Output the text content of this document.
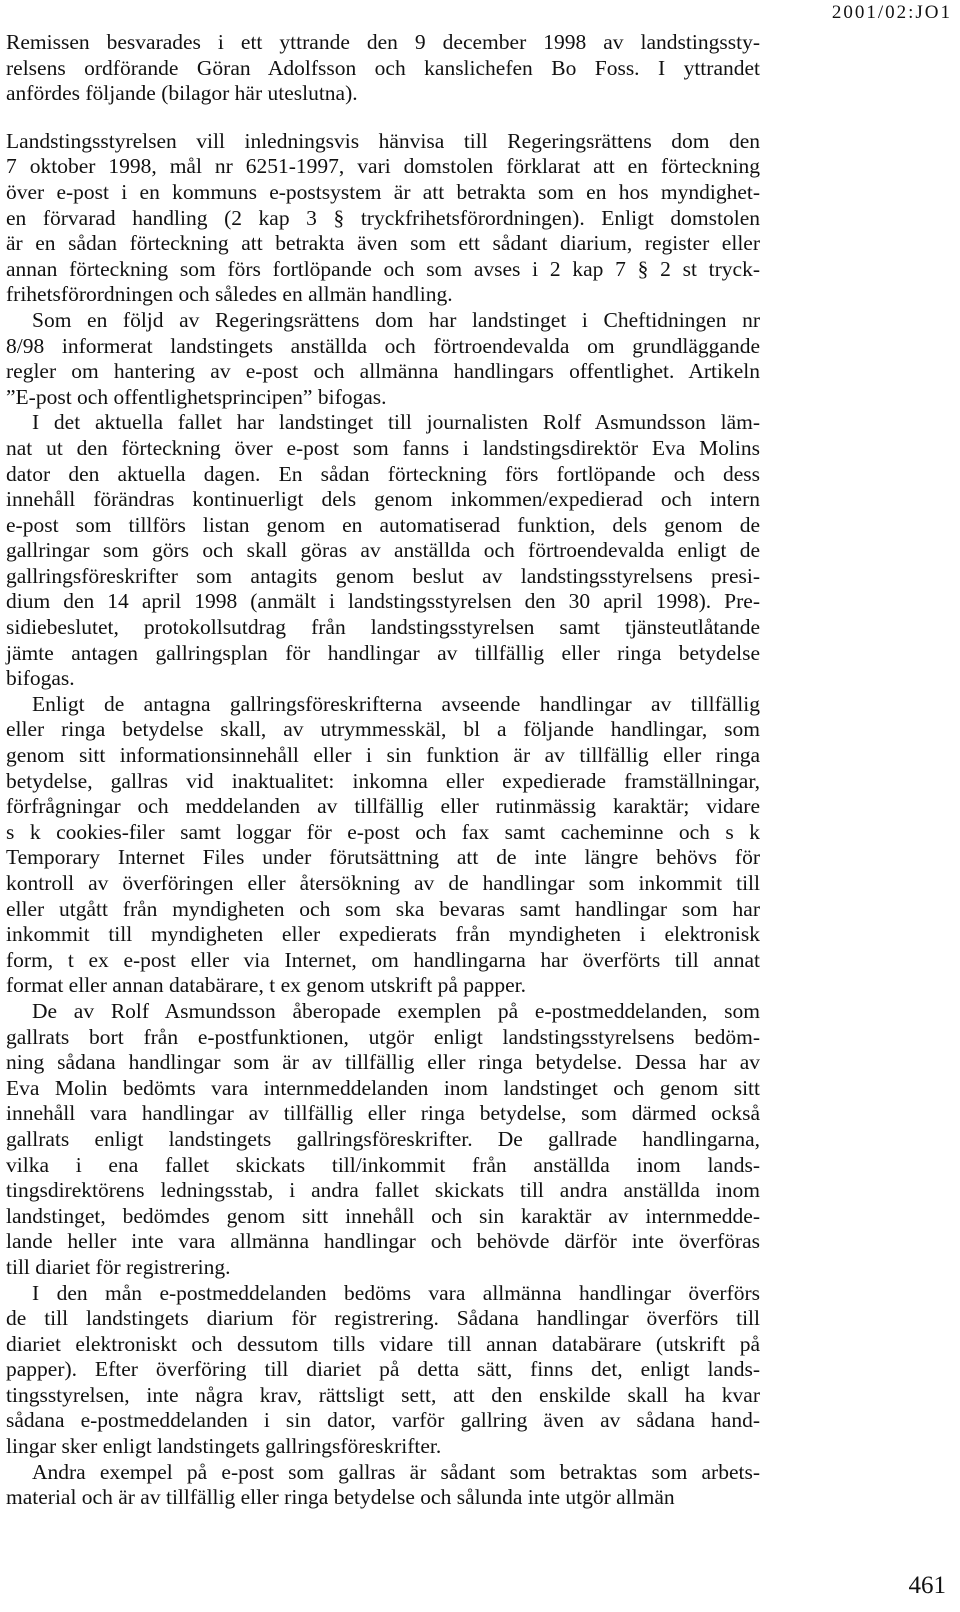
2001/02:JO1
Remissen besvarades i ett yttrande den 9 december 1998 av landstingssty-
relsens ordförande Göran Adolfsson och kanslichefen Bo Foss. I yttrandet
anfördes följande (bilagor här uteslutna).
Landstingsstyrelsen vill inledningsvis hänvisa till Regeringsrättens dom den
7 oktober 1998, mål nr 6251-1997, vari domstolen förklarat att en förteckning
över e-post i en kommuns e-postsystem är att betrakta som en hos myndighet-
en förvarad handling (2 kap 3 § tryckfrihetsförordningen). Enligt domstolen
är en sådan förteckning att betrakta även som ett sådant diarium, register eller
annan förteckning som förs fortlöpande och som avses i 2 kap 7 § 2 st tryck-
frihetsförordningen och således en allmän handling.
Som en följd av Regeringsrättens dom har landstinget i Cheftidningen nr
8/98 informerat landstingets anställda och förtroendevalda om grundläggande
regler om hantering av e-post och allmänna handlingars offentlighet. Artikeln
”E-post och offentlighetsprincipen” bifogas.
I det aktuella fallet har landstinget till journalisten Rolf Asmundsson läm-
nat ut den förteckning över e-post som fanns i landstingsdirektör Eva Molins
dator den aktuella dagen. En sådan förteckning förs fortlöpande och dess
innehåll förändras kontinuerligt dels genom inkommen/expedierad och intern
e-post som tillförs listan genom en automatiserad funktion, dels genom de
gallringar som görs och skall göras av anställda och förtroendevalda enligt de
gallringsföreskrifter som antagits genom beslut av landstingsstyrelsens presi-
dium den 14 april 1998 (anmält i landstingsstyrelsen den 30 april 1998). Pre-
sidiebeslutet, protokollsutdrag från landstingsstyrelsen samt tjänsteutlåtande
jämte antagen gallringsplan för handlingar av tillfällig eller ringa betydelse
bifogas.
Enligt de antagna gallringsföreskrifterna avseende handlingar av tillfällig
eller ringa betydelse skall, av utrymmesskäl, bl a följande handlingar, som
genom sitt informationsinnehåll eller i sin funktion är av tillfällig eller ringa
betydelse, gallras vid inaktualitet: inkomna eller expedierade framställningar,
förfrågningar och meddelanden av tillfällig eller rutinmässig karaktär; vidare
s k cookies-filer samt loggar för e-post och fax samt cacheminne och s k
Temporary Internet Files under förutsättning att de inte längre behövs för
kontroll av överföringen eller återsökning av de handlingar som inkommit till
eller utgått från myndigheten och som ska bevaras samt handlingar som har
inkommit till myndigheten eller expedierats från myndigheten i elektronisk
form, t ex e-post eller via Internet, om handlingarna har överförts till annat
format eller annan databärare, t ex genom utskrift på papper.
De av Rolf Asmundsson åberopade exemplen på e-postmeddelanden, som
gallrats bort från e-postfunktionen, utgör enligt landstingsstyrelsens bedöm-
ning sådana handlingar som är av tillfällig eller ringa betydelse. Dessa har av
Eva Molin bedömts vara internmeddelanden inom landstinget och genom sitt
innehåll vara handlingar av tillfällig eller ringa betydelse, som därmed också
gallrats enligt landstingets gallringsföreskrifter. De gallrade handlingarna,
vilka i ena fallet skickats till/inkommit från anställda inom lands-
tingsdirektörens ledningsstab, i andra fallet skickats till andra anställda inom
landstinget, bedömdes genom sitt innehåll och sin karaktär av internmedde-
lande heller inte vara allmänna handlingar och behövde därför inte överföras
till diariet för registrering.
I den mån e-postmeddelanden bedöms vara allmänna handlingar överförs
de till landstingets diarium för registrering. Sådana handlingar överförs till
diariet elektroniskt och dessutom tills vidare till annan databärare (utskrift på
papper). Efter överföring till diariet på detta sätt, finns det, enligt lands-
tingsstyrelsen, inte några krav, rättsligt sett, att den enskilde skall ha kvar
sådana e-postmeddelanden i sin dator, varför gallring även av sådana hand-
lingar sker enligt landstingets gallringsföreskrifter.
Andra exempel på e-post som gallras är sådant som betraktas som arbets-
material och är av tillfällig eller ringa betydelse och sålunda inte utgör allmän
461
